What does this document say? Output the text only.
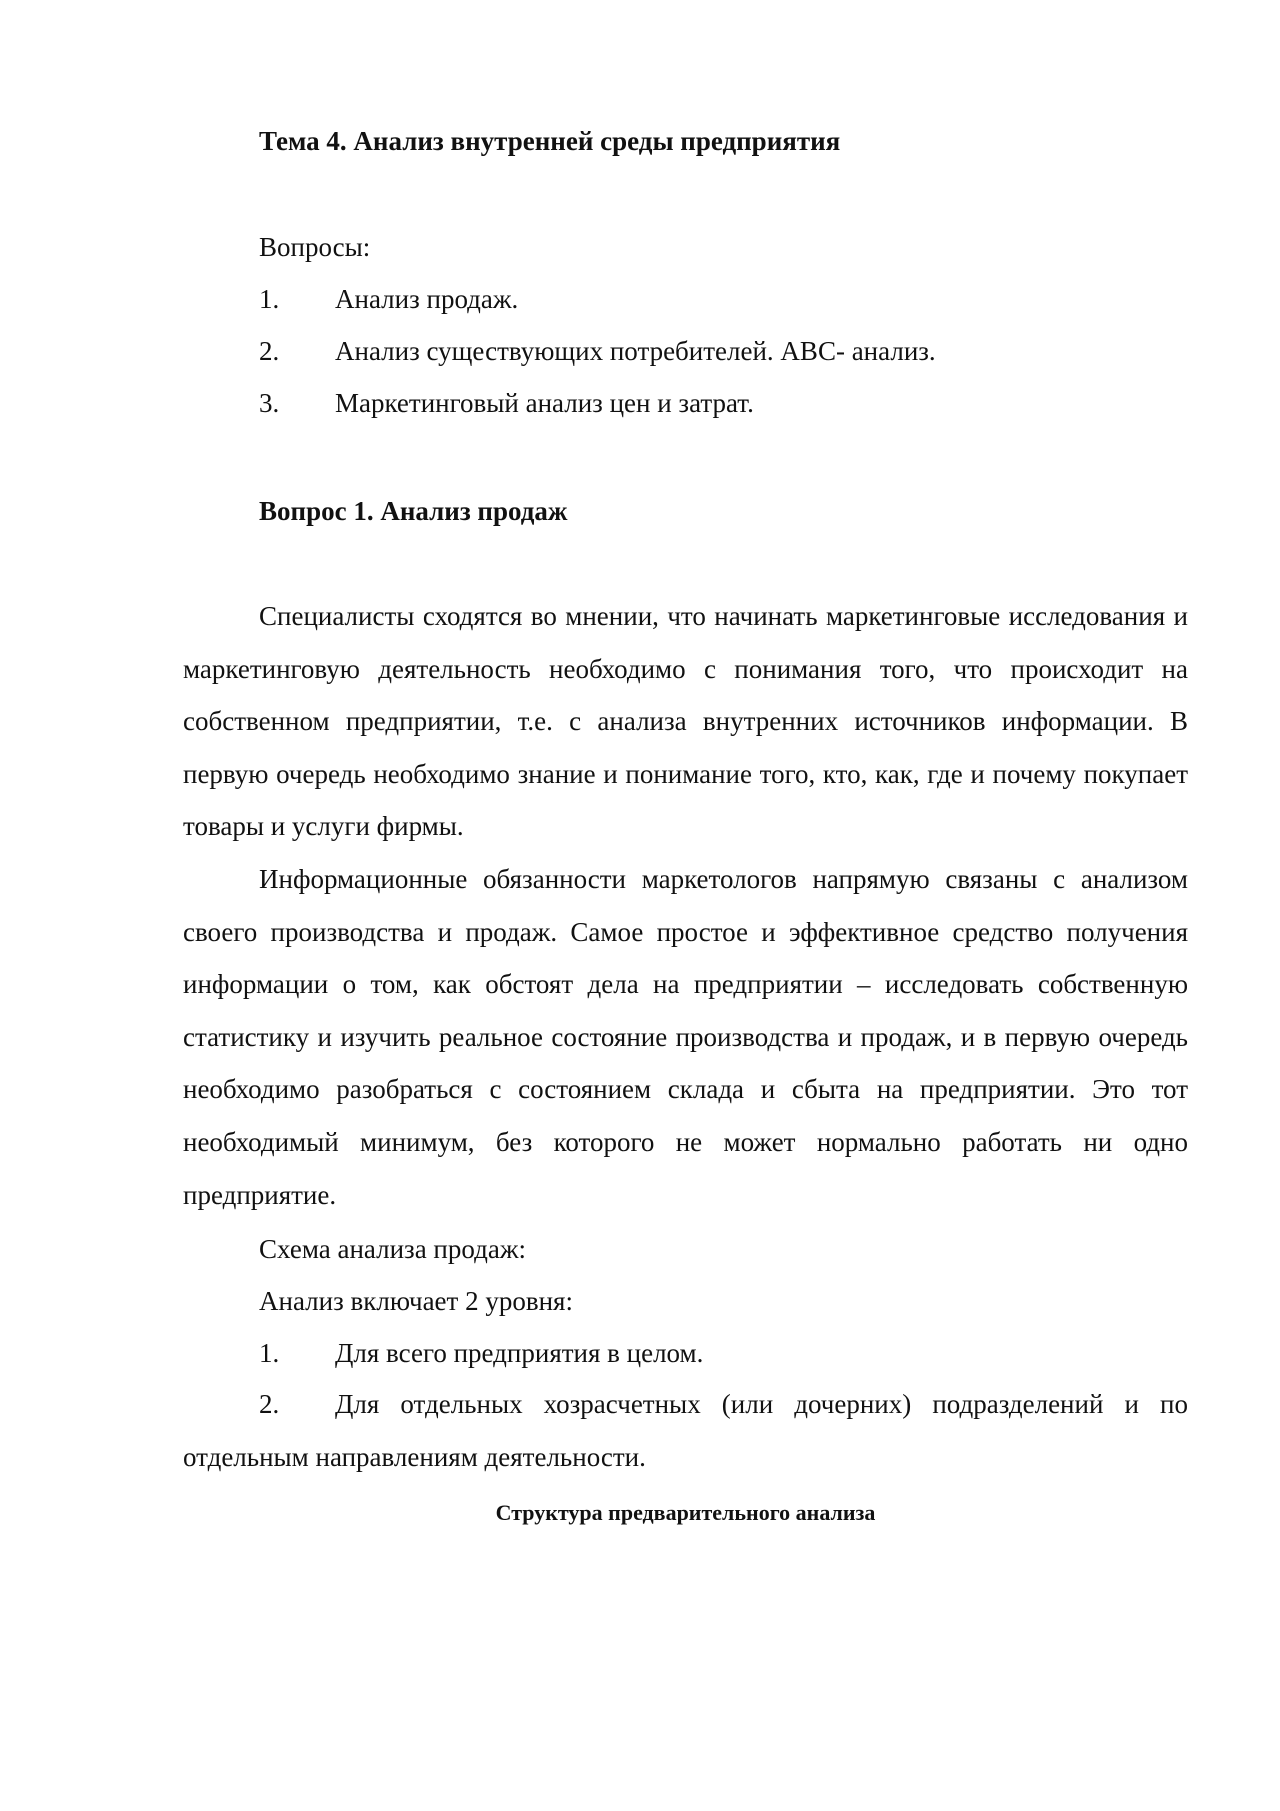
Тема 4. Анализ внутренней среды предприятия
Вопросы:
1. Анализ продаж.
2. Анализ существующих потребителей. ABC- анализ.
3. Маркетинговый анализ цен и затрат.
Вопрос 1. Анализ продаж

Специалисты сходятся во мнении, что начинать маркетинговые исследования и маркетинговую деятельность необходимо с понимания того, что происходит на собственном предприятии, т.е. с анализа внутренних источников информации. В первую очередь необходимо знание и понимание того, кто, как, где и почему покупает товары и услуги фирмы.

Информационные обязанности маркетологов напрямую связаны с анализом своего производства и продаж. Самое простое и эффективное средство получения информации о том, как обстоят дела на предприятии – исследовать собственную статистику и изучить реальное состояние производства и продаж, и в первую очередь необходимо разобраться с состоянием склада и сбыта на предприятии. Это тот необходимый минимум, без которого не может нормально работать ни одно предприятие.

Схема анализа продаж:
Анализ включает 2 уровня:
1. Для всего предприятия в целом.

2. Для отдельных хозрасчетных (или дочерних) подразделений и по отдельным направлениям деятельности.

Структура предварительного анализа
